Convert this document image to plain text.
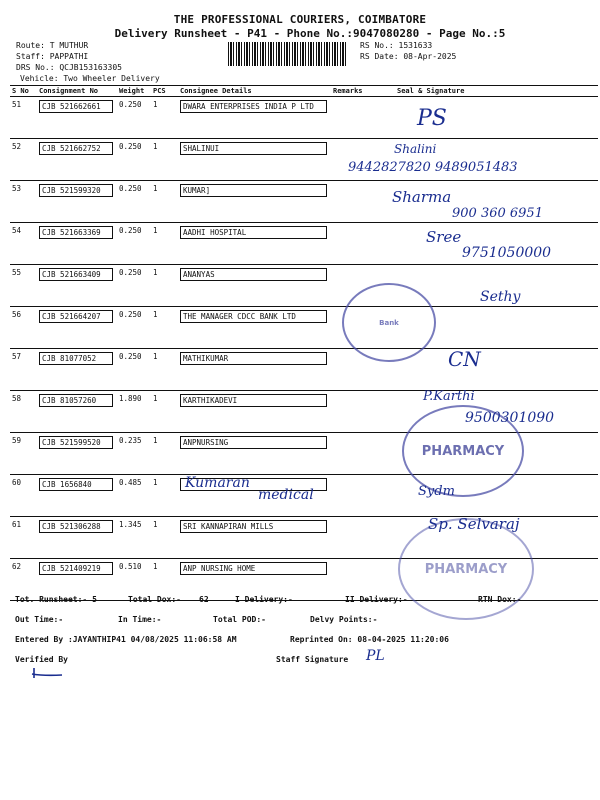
THE PROFESSIONAL COURIERS, COIMBATORE
Delivery Runsheet - P41 - Phone No.:9047080280 - Page No.:5
Route: T MUTHUR
Staff: PAPPATHI
DRS No.: QCJB153163305
Vehicle: Two Wheeler Delivery
RS No.: 1531633
RS Date: 08-Apr-2025
S No	Consignment No	Weight	PCS	Consignee Details	Remarks	Seal & Signature
51	CJB 521662661	0.250	1	DWARA ENTERPRISES INDIA P LTD		
52	CJB 521662752	0.250	1	SHALINUI		
53	CJB 521599320	0.250	1	KUMAR]		
54	CJB 521663369	0.250	1	AADHI HOSPITAL		
55	CJB 521663409	0.250	1	ANANYAS		
56	CJB 521664207	0.250	1	THE MANAGER CDCC BANK LTD		
57	CJB 81077052	0.250	1	MATHIKUMAR		
58	CJB 81057260	1.890	1	KARTHIKADEVI		
59	CJB 521599520	0.235	1	ANPNURSING		
60	CJB 1656840	0.485	1			
61	CJB 521306288	1.345	1	SRI KANNAPIRAN MILLS		
62	CJB 521409219	0.510	1	ANP NURSING HOME		
Bank
PHARMACY
PHARMACY
PS
Shalini
9442827820 9489051483
Sharma
900 360 6951
Sree
9751050000
Sethy
CN
P.Karthi
9500301090
Kumaran
medical	Sydm
Sp. Selvaraj
Tot. Runsheet:- 5	Total Dox:- 62	I Delivery:-	II Delivery:-	RTN Dox:-
Out Time:-	In Time:-	Total POD:-	Delvy Points:-
Entered By :JAYANTHIP41 04/08/2025 11:06:58 AM	Reprinted On: 08-04-2025 11:20:06
Verified By	Staff Signature PL
